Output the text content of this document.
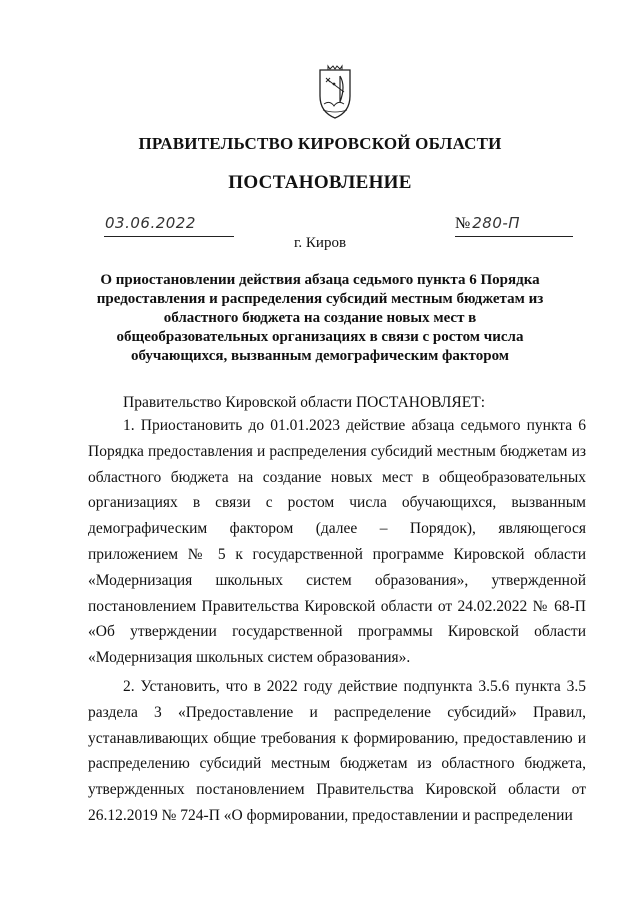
ПРАВИТЕЛЬСТВО КИРОВСКОЙ ОБЛАСТИ
ПОСТАНОВЛЕНИЕ
03.06.2022	№ 280-П
г. Киров
О приостановлении действия абзаца седьмого пункта 6 Порядка предоставления и распределения субсидий местным бюджетам из областного бюджета на создание новых мест в общеобразовательных организациях в связи с ростом числа обучающихся, вызванным демографическим фактором
Правительство Кировской области ПОСТАНОВЛЯЕТ:
1. Приостановить до 01.01.2023 действие абзаца седьмого пункта 6 Порядка предоставления и распределения субсидий местным бюджетам из областного бюджета на создание новых мест в общеобразовательных организациях в связи с ростом числа обучающихся, вызванным демографическим фактором (далее – Порядок), являющегося приложением № 5 к государственной программе Кировской области «Модернизация школьных систем образования», утвержденной постановлением Правительства Кировской области от 24.02.2022 № 68-П «Об утверждении государственной программы Кировской области «Модернизация школьных систем образования».
2. Установить, что в 2022 году действие подпункта 3.5.6 пункта 3.5 раздела 3 «Предоставление и распределение субсидий» Правил, устанавливающих общие требования к формированию, предоставлению и распределению субсидий местным бюджетам из областного бюджета, утвержденных постановлением Правительства Кировской области от 26.12.2019 № 724-П «О формировании, предоставлении и распределении
